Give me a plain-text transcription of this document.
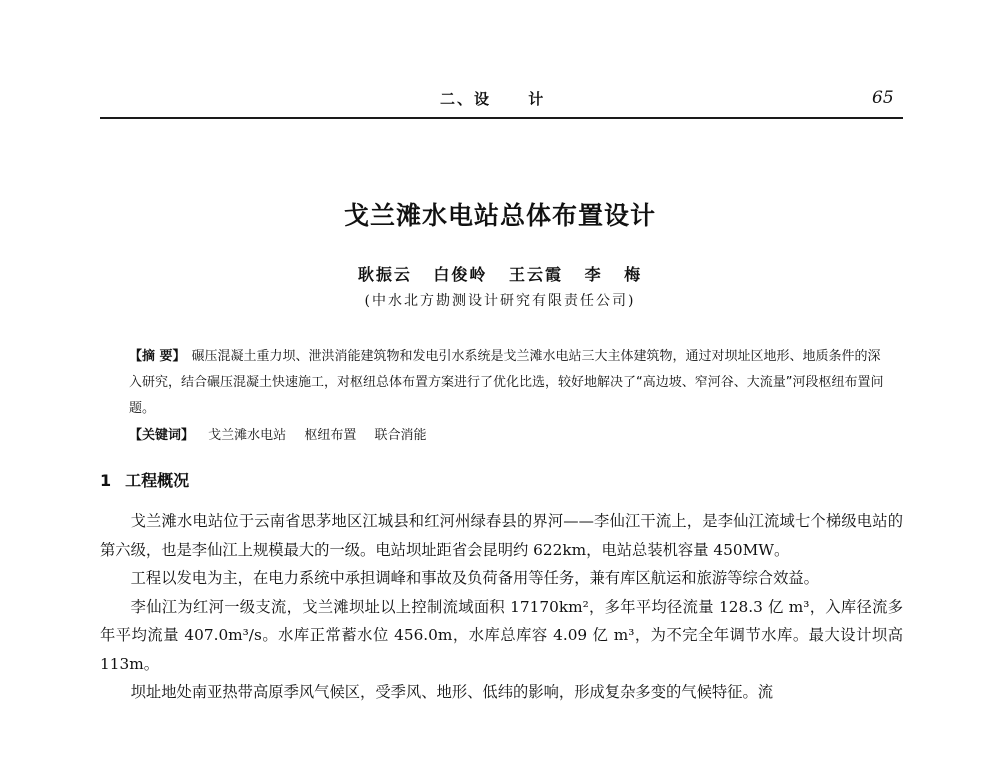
二、设 计	65
戈兰滩水电站总体布置设计
耿振云 白俊岭 王云霞 李 梅
(中水北方勘测设计研究有限责任公司)
【摘 要】 碾压混凝土重力坝、泄洪消能建筑物和发电引水系统是戈兰滩水电站三大主体建筑物，通过对坝址区地形、地质条件的深入研究，结合碾压混凝土快速施工，对枢纽总体布置方案进行了优化比选，较好地解决了“高边坡、窄河谷、大流量”河段枢纽布置问题。
【关键词】 戈兰滩水电站 枢纽布置 联合消能
1 工程概况

戈兰滩水电站位于云南省思茅地区江城县和红河州绿春县的界河——李仙江干流上，是李仙江流域七个梯级电站的第六级，也是李仙江上规模最大的一级。电站坝址距省会昆明约 622km，电站总装机容量 450MW。

工程以发电为主，在电力系统中承担调峰和事故及负荷备用等任务，兼有库区航运和旅游等综合效益。

李仙江为红河一级支流，戈兰滩坝址以上控制流域面积 17170km²，多年平均径流量 128.3 亿 m³，入库径流多年平均流量 407.0m³/s。水库正常蓄水位 456.0m，水库总库容 4.09 亿 m³，为不完全年调节水库。最大设计坝高 113m。

坝址地处南亚热带高原季风气候区，受季风、地形、低纬的影响，形成复杂多变的气候特征。流
